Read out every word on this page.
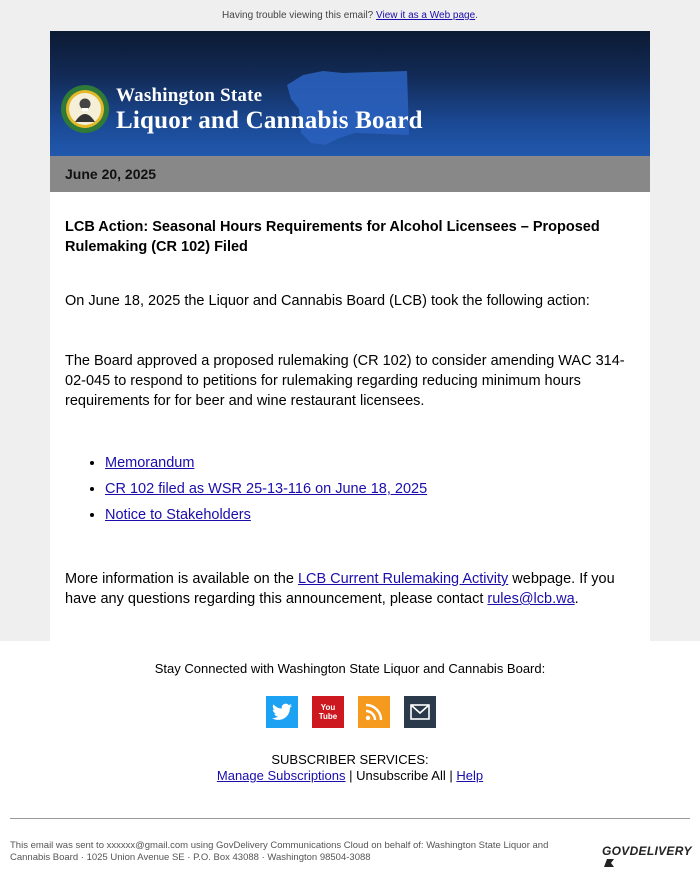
Having trouble viewing this email? View it as a Web page.
Washington State
Liquor and Cannabis Board
June 20, 2025

LCB Action: Seasonal Hours Requirements for Alcohol Licensees – Proposed Rulemaking (CR 102) Filed

On June 18, 2025 the Liquor and Cannabis Board (LCB) took the following action:

The Board approved a proposed rulemaking (CR 102) to consider amending WAC 314-02-045 to respond to petitions for rulemaking regarding reducing minimum hours requirements for for beer and wine restaurant licensees.

• Memorandum
• CR 102 filed as WSR 25-13-116 on June 18, 2025
• Notice to Stakeholders

More information is available on the LCB Current Rulemaking Activity webpage. If you have any questions regarding this announcement, please contact rules@lcb.wa.

Stay Connected with Washington State Liquor and Cannabis Board:
You Tube
SUBSCRIBER SERVICES:
Manage Subscriptions | Unsubscribe All | Help
This email was sent to xxxxxx@gmail.com using GovDelivery Communications Cloud on behalf of: Washington State Liquor and Cannabis Board · 1025 Union Avenue SE · P.O. Box 43088 · Washington 98504-3088	GOVDELIVERY
